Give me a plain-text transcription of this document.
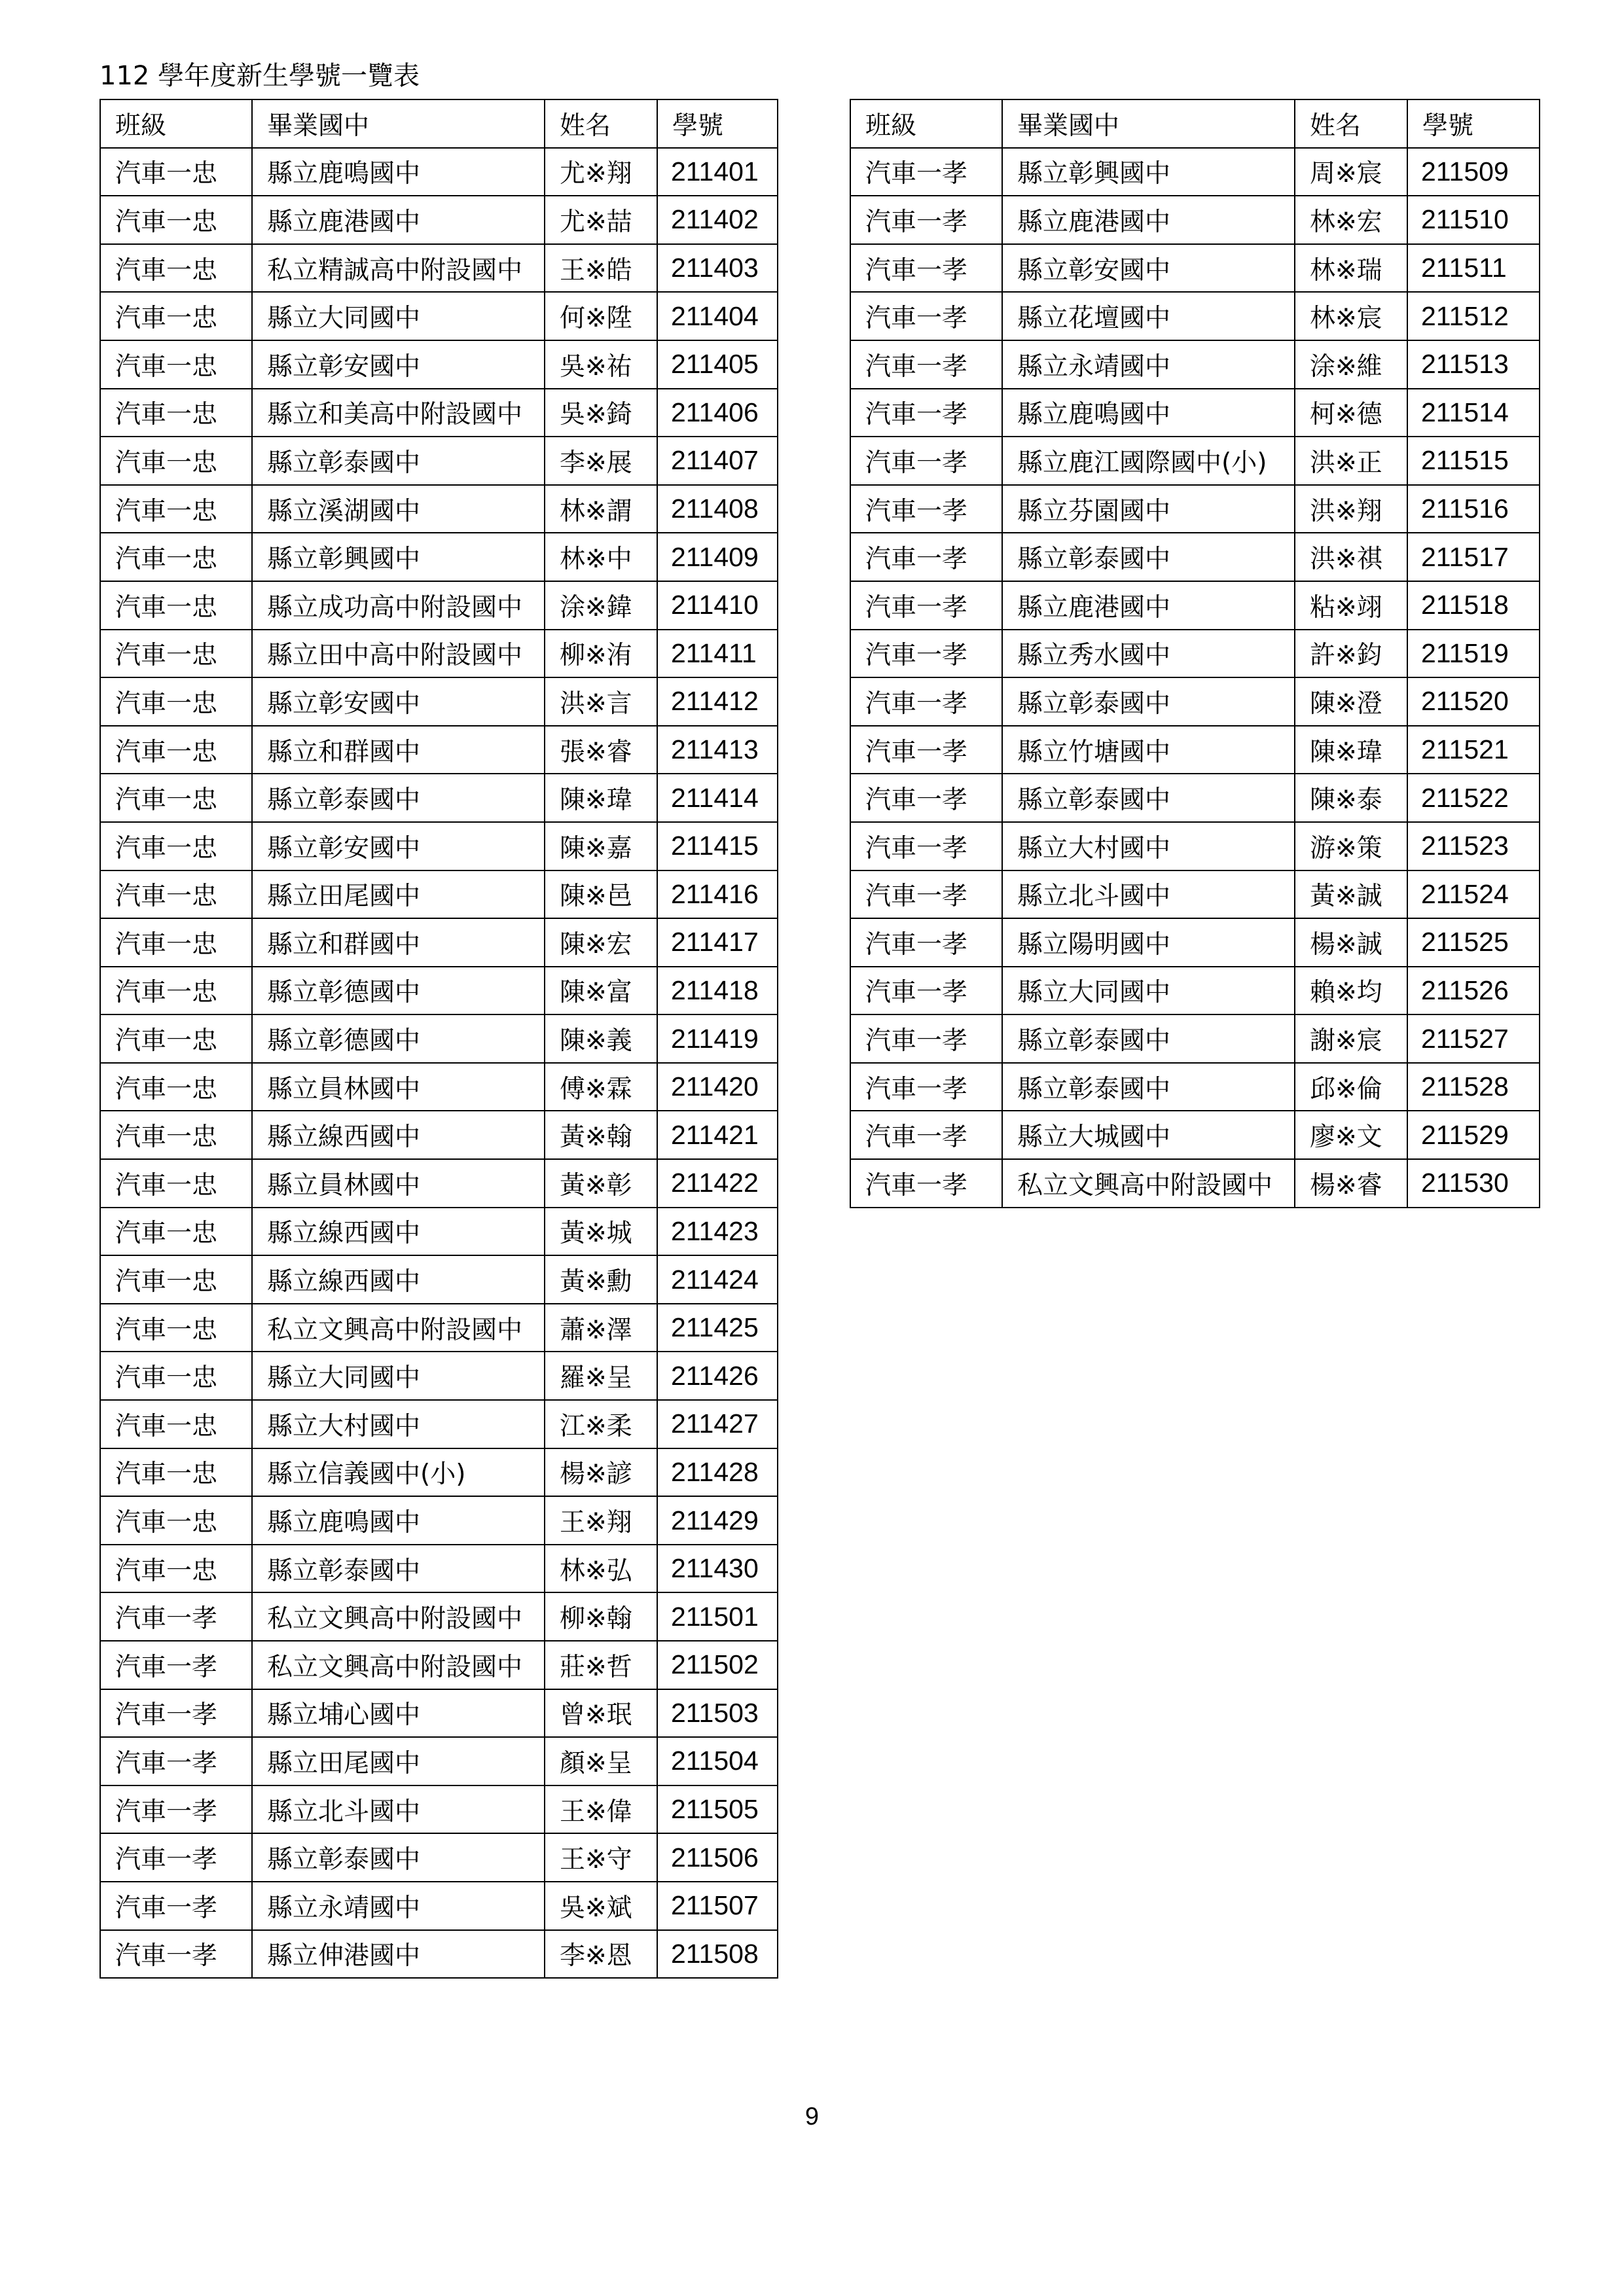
112 學年度新生學號一覽表
班級	畢業國中	姓名	學號
汽車一忠	縣立鹿鳴國中	尤※翔	211401
汽車一忠	縣立鹿港國中	尤※喆	211402
汽車一忠	私立精誠高中附設國中	王※皓	211403
汽車一忠	縣立大同國中	何※陞	211404
汽車一忠	縣立彰安國中	吳※祐	211405
汽車一忠	縣立和美高中附設國中	吳※錡	211406
汽車一忠	縣立彰泰國中	李※展	211407
汽車一忠	縣立溪湖國中	林※謂	211408
汽車一忠	縣立彰興國中	林※中	211409
汽車一忠	縣立成功高中附設國中	涂※鍏	211410
汽車一忠	縣立田中高中附設國中	柳※洧	211411
汽車一忠	縣立彰安國中	洪※言	211412
汽車一忠	縣立和群國中	張※睿	211413
汽車一忠	縣立彰泰國中	陳※瑋	211414
汽車一忠	縣立彰安國中	陳※嘉	211415
汽車一忠	縣立田尾國中	陳※邑	211416
汽車一忠	縣立和群國中	陳※宏	211417
汽車一忠	縣立彰德國中	陳※富	211418
汽車一忠	縣立彰德國中	陳※義	211419
汽車一忠	縣立員林國中	傅※霖	211420
汽車一忠	縣立線西國中	黃※翰	211421
汽車一忠	縣立員林國中	黃※彰	211422
汽車一忠	縣立線西國中	黃※城	211423
汽車一忠	縣立線西國中	黃※勳	211424
汽車一忠	私立文興高中附設國中	蕭※澤	211425
汽車一忠	縣立大同國中	羅※呈	211426
汽車一忠	縣立大村國中	江※柔	211427
汽車一忠	縣立信義國中(小)	楊※諺	211428
汽車一忠	縣立鹿鳴國中	王※翔	211429
汽車一忠	縣立彰泰國中	林※弘	211430
汽車一孝	私立文興高中附設國中	柳※翰	211501
汽車一孝	私立文興高中附設國中	莊※哲	211502
汽車一孝	縣立埔心國中	曾※珉	211503
汽車一孝	縣立田尾國中	顏※呈	211504
汽車一孝	縣立北斗國中	王※偉	211505
汽車一孝	縣立彰泰國中	王※守	211506
汽車一孝	縣立永靖國中	吳※斌	211507
汽車一孝	縣立伸港國中	李※恩	211508
班級	畢業國中	姓名	學號
汽車一孝	縣立彰興國中	周※宸	211509
汽車一孝	縣立鹿港國中	林※宏	211510
汽車一孝	縣立彰安國中	林※瑞	211511
汽車一孝	縣立花壇國中	林※宸	211512
汽車一孝	縣立永靖國中	涂※維	211513
汽車一孝	縣立鹿鳴國中	柯※德	211514
汽車一孝	縣立鹿江國際國中(小)	洪※正	211515
汽車一孝	縣立芬園國中	洪※翔	211516
汽車一孝	縣立彰泰國中	洪※祺	211517
汽車一孝	縣立鹿港國中	粘※翊	211518
汽車一孝	縣立秀水國中	許※鈞	211519
汽車一孝	縣立彰泰國中	陳※澄	211520
汽車一孝	縣立竹塘國中	陳※瑋	211521
汽車一孝	縣立彰泰國中	陳※泰	211522
汽車一孝	縣立大村國中	游※策	211523
汽車一孝	縣立北斗國中	黃※誠	211524
汽車一孝	縣立陽明國中	楊※誠	211525
汽車一孝	縣立大同國中	賴※均	211526
汽車一孝	縣立彰泰國中	謝※宸	211527
汽車一孝	縣立彰泰國中	邱※倫	211528
汽車一孝	縣立大城國中	廖※文	211529
汽車一孝	私立文興高中附設國中	楊※睿	211530
9
